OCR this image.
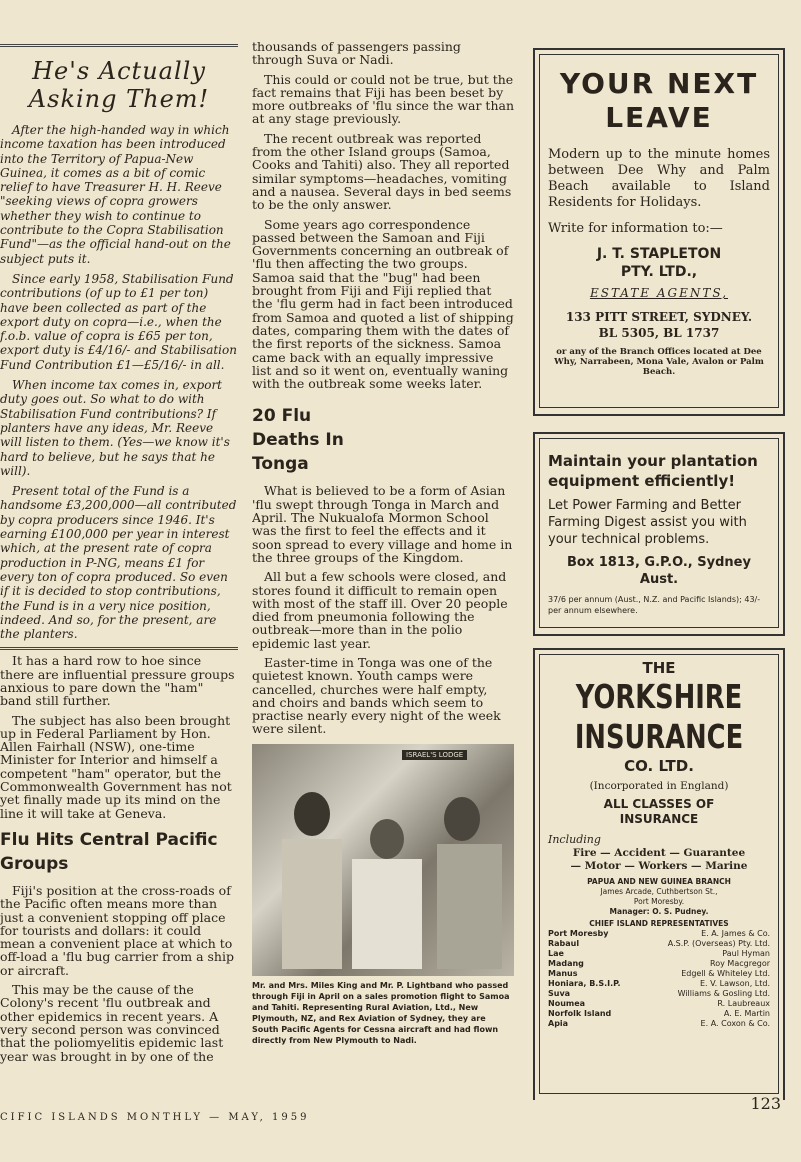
He's Actually Asking Them!

After the high-handed way in which income taxation has been introduced into the Territory of Papua-New Guinea, it comes as a bit of comic relief to have Treasurer H. H. Reeve "seeking views of copra growers whether they wish to continue to contribute to the Copra Stabilisation Fund"—as the official hand-out on the subject puts it.

Since early 1958, Stabilisation Fund contributions (of up to £1 per ton) have been collected as part of the export duty on copra—i.e., when the f.o.b. value of copra is £65 per ton, export duty is £4/16/- and Stabilisation Fund Contribution £1—£5/16/- in all.

When income tax comes in, export duty goes out. So what to do with Stabilisation Fund contributions? If planters have any ideas, Mr. Reeve will listen to them. (Yes—we know it's hard to believe, but he says that he will).

Present total of the Fund is a handsome £3,200,000—all contributed by copra producers since 1946. It's earning £100,000 per year in interest which, at the present rate of copra production in P-NG, means £1 for every ton of copra produced. So even if it is decided to stop contributions, the Fund is in a very nice position, indeed. And so, for the present, are the planters.

It has a hard row to hoe since there are influential pressure groups anxious to pare down the "ham" band still further.

The subject has also been brought up in Federal Parliament by Hon. Allen Fairhall (NSW), one-time Minister for Interior and himself a competent "ham" operator, but the Commonwealth Government has not yet finally made up its mind on the line it will take at Geneva.

Flu Hits Central Pacific Groups

Fiji's position at the cross-roads of the Pacific often means more than just a convenient stopping off place for tourists and dollars: it could mean a convenient place at which to off-load a 'flu bug carrier from a ship or aircraft.

This may be the cause of the Colony's recent 'flu outbreak and other epidemics in recent years. A very second person was convinced that the poliomyelitis epidemic last year was brought in by one of the

thousands of passengers passing through Suva or Nadi.

This could or could not be true, but the fact remains that Fiji has been beset by more outbreaks of 'flu since the war than at any stage previously.

The recent outbreak was reported from the other Island groups (Samoa, Cooks and Tahiti) also. They all reported similar symptoms—headaches, vomiting and a nausea. Several days in bed seems to be the only answer.

Some years ago correspondence passed between the Samoan and Fiji Governments concerning an outbreak of 'flu then affecting the two groups. Samoa said that the "bug" had been brought from Fiji and Fiji replied that the 'flu germ had in fact been introduced from Samoa and quoted a list of shipping dates, comparing them with the dates of the first reports of the sickness. Samoa came back with an equally impressive list and so it went on, eventually waning with the outbreak some weeks later.

20 Flu Deaths In Tonga

What is believed to be a form of Asian 'flu swept through Tonga in March and April. The Nukualofa Mormon School was the first to feel the effects and it soon spread to every village and home in the three groups of the Kingdom.

All but a few schools were closed, and stores found it difficult to remain open with most of the staff ill. Over 20 people died from pneumonia following the outbreak—more than in the polio epidemic last year.

Easter-time in Tonga was one of the quietest known. Youth camps were cancelled, churches were half empty, and choirs and bands which seem to practise nearly every night of the week were silent.

ISRAEL'S LODGE
Mr. and Mrs. Miles King and Mr. P. Lightband who passed through Fiji in April on a sales promotion flight to Samoa and Tahiti. Representing Rural Aviation, Ltd., New Plymouth, NZ, and Rex Aviation of Sydney, they are South Pacific Agents for Cessna aircraft and had flown directly from New Plymouth to Nadi.
YOUR NEXT
LEAVE
Modern up to the minute homes between Dee Why and Palm Beach available to Island Residents for Holidays.
Write for information to:—
J. T. STAPLETON
PTY. LTD.,
ESTATE AGENTS,
133 PITT STREET, SYDNEY.
BL 5305, BL 1737
or any of the Branch Offices located at Dee Why, Narrabeen, Mona Vale, Avalon or Palm Beach.
Maintain your plantation equipment efficiently!
Let Power Farming and Better Farming Digest assist you with your technical problems.
Box 1813, G.P.O., Sydney Aust.
37/6 per annum (Aust., N.Z. and Pacific Islands); 43/- per annum elsewhere.
THE
YORKSHIRE
INSURANCE
CO. LTD.
(Incorporated in England)
ALL CLASSES OF
INSURANCE
Including
Fire — Accident — Guarantee
— Motor — Workers — Marine
PAPUA AND NEW GUINEA BRANCH
James Arcade, Cuthbertson St.,
Port Moresby.
Manager: O. S. Pudney.
CHIEF ISLAND REPRESENTATIVES
Port Moresby	E. A. James & Co.
Rabaul	A.S.P. (Overseas) Pty. Ltd.
Lae	Paul Hyman
Madang	Roy Macgregor
Manus	Edgell & Whiteley Ltd.
Honiara, B.S.I.P.	E. V. Lawson, Ltd.
Suva	Williams & Gosling Ltd.
Noumea	R. Laubreaux
Norfolk Island	A. E. Martin
Apia	E. A. Coxon & Co.
CIFIC ISLANDS MONTHLY — MAY, 1959
123
